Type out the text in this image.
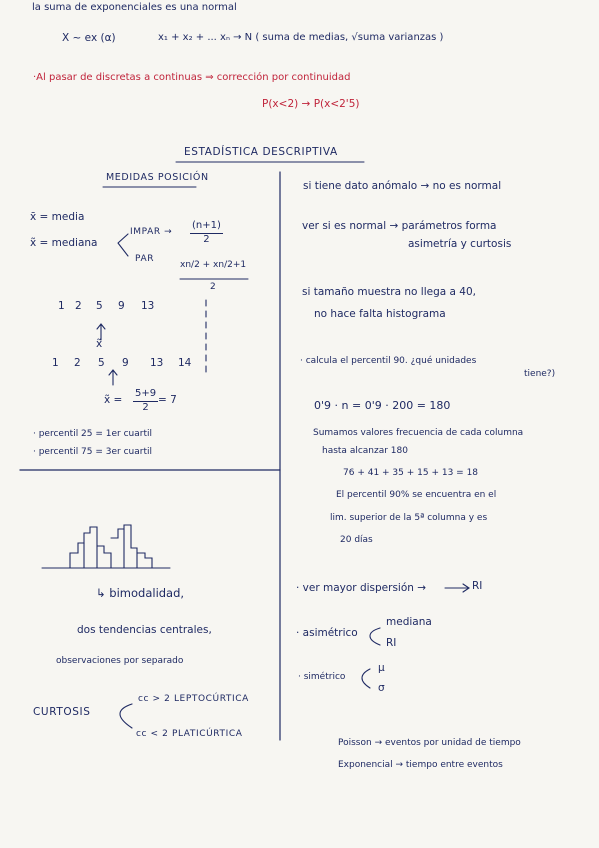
la suma de exponenciales es una normal
X ~ ex (α)	x₁ + x₂ + ... xₙ → N ( suma de medias, √suma varianzas )
·Al pasar de discretas a continuas ⇒ corrección por continuidad
P(x<2) → P(x<2'5)
ESTADÍSTICA DESCRIPTIVA
MEDIDAS POSICIÓN
x̄ = media
x̃ = mediana
IMPAR → $\frac{(n+1)}{2}$
PAR
xn/2 + xn/2+1
2
1 2 5 9 13
x̃
1 2 5 9 13 14
x̃ = $\frac{5+9}{2} = 7$
· percentil 25 = 1er cuartil
· percentil 75 = 3er cuartil
↳ bimodalidad,
dos tendencias centrales,
observaciones por separado
CURTOSIS
cc > 2 LEPTOCÚRTICA
cc < 2 PLATICÚRTICA
si tiene dato anómalo → no es normal
ver si es normal → parámetros forma
asimetría y curtosis
si tamaño muestra no llega a 40,
no hace falta histograma
· calcula el percentil 90. ¿qué unidades
tiene?)
0'9 · n = 0'9 · 200 = 180
Sumamos valores frecuencia de cada columna
hasta alcanzar 180
76 + 41 + 35 + 15 + 13 = 18
El percentil 90% se encuentra en el
lim. superior de la 5ª columna y es
20 días
· ver mayor dispersión →	RI
· asimétrico
mediana
RI
· simétrico
μ
σ
Poisson → eventos por unidad de tiempo
Exponencial → tiempo entre eventos
